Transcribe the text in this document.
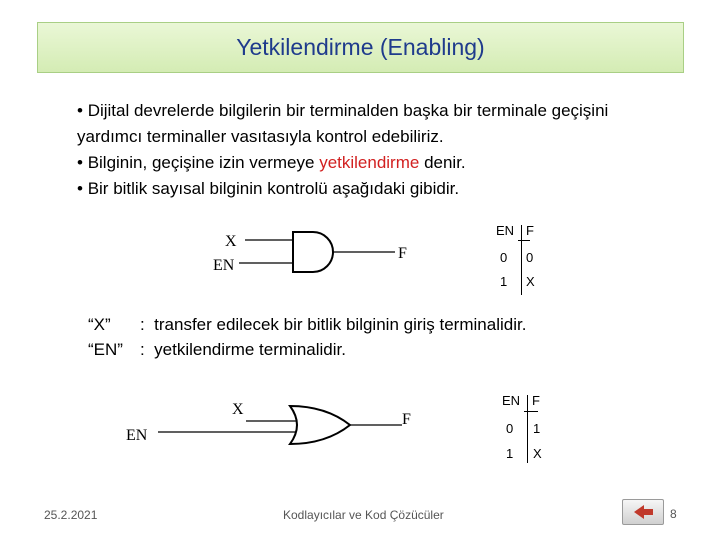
Yetkilendirme (Enabling)

• Dijital devrelerde bilgilerin bir terminalden başka bir terminale geçişini yardımcı terminaller vasıtasıyla kontrol edebiliriz.

• Bilginin, geçişine izin vermeye yetkilendirme denir.

• Bir bitlik sayısal bilginin kontrolü aşağıdaki gibidir.

X
EN
F
EN F
0 0
1 X
“X”	:  transfer edilecek bir bitlik bilginin giriş terminalidir.
“EN”	:  yetkilendirme terminalidir.
X
EN
F
EN F
0 1
1 X
25.2.2021	Kodlayıcılar ve Kod Çözücüler	8
